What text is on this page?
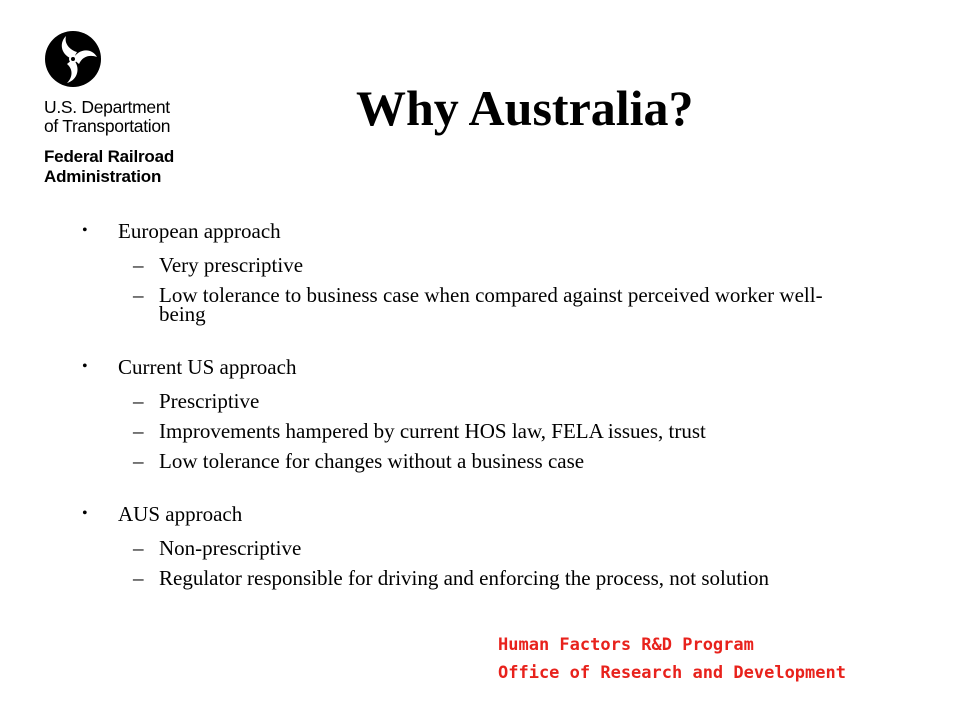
U.S. Department
of Transportation
Federal Railroad
Administration
Why Australia?
• European approach
– Very prescriptive
– Low tolerance to business case when compared against perceived worker well-being
• Current US approach
– Prescriptive
– Improvements hampered by current HOS law, FELA issues, trust
– Low tolerance for changes without a business case
• AUS approach
– Non-prescriptive
– Regulator responsible for driving and enforcing the process, not solution
Human Factors R&D Program
Office of Research and Development
